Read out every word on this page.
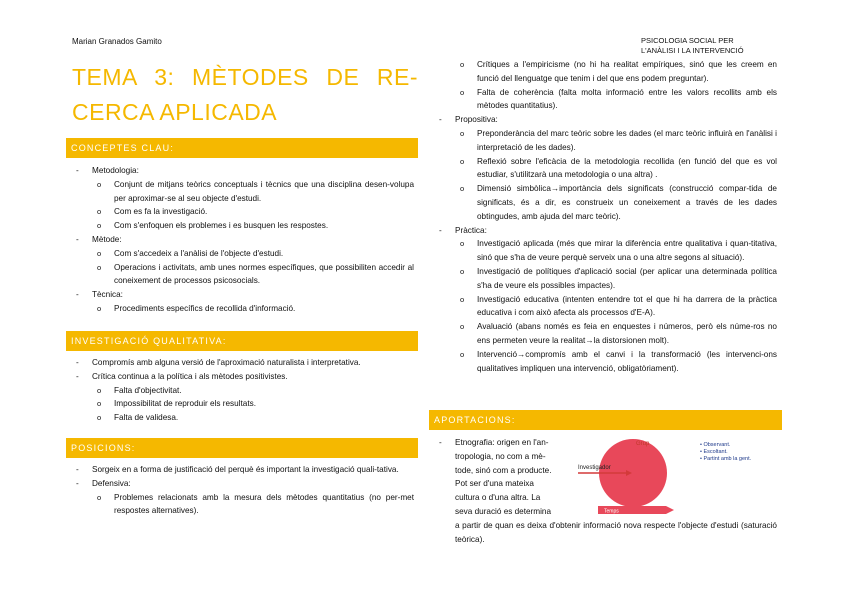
Marian Granados Gamito	PSICOLOGIA SOCIAL PER
L'ANÀLISI I LA INTERVENCIÓ
TEMA 3: MÈTODES DE RE-CERCA APLICADA
CONCEPTES CLAU:
- Metodologia:
o Conjunt de mitjans teòrics conceptuals i tècnics que una disciplina desen-volupa per aproximar-se al seu objecte d'estudi.
o Com es fa la investigació.
o Com s'enfoquen els problemes i es busquen les respostes.
- Mètode:
o Com s'accedeix a l'anàlisi de l'objecte d'estudi.
o Operacions i activitats, amb unes normes específiques, que possibiliten accedir al coneixement de processos psicosocials.
- Tècnica:
o Procediments específics de recollida d'informació.
INVESTIGACIÓ QUALITATIVA:
- Compromís amb alguna versió de l'aproximació naturalista i interpretativa.
- Crítica continua a la política i als mètodes positivistes.
o Falta d'objectivitat.
o Impossibilitat de reproduir els resultats.
o Falta de validesa.
POSICIONS:
- Sorgeix en a forma de justificació del perquè és important la investigació quali-tativa.
- Defensiva:
o Problemes relacionats amb la mesura dels mètodes quantitatius (no per-met respostes alternatives).
o Crítiques a l'empiricisme (no hi ha realitat empíriques, sinó que les creem en funció del llenguatge que tenim i del que ens podem preguntar).
o Falta de coherència (falta molta informació entre les valors recollits amb els mètodes quantitatius).
- Propositiva:
o Preponderància del marc teòric sobre les dades (el marc teòric influirà en l'anàlisi i interpretació de les dades).
o Reflexió sobre l'eficàcia de la metodologia recollida (en funció del que es vol estudiar, s'utilitzarà una metodologia o una altra) .
o Dimensió simbòlica→importància dels significats (construcció compar-tida de significats, és a dir, es construeix un coneixement a través de les dades obtingudes, amb ajuda del marc teòric).
- Pràctica:
o Investigació aplicada (més que mirar la diferència entre qualitativa i quan-titativa, sinó que s'ha de veure perquè serveix una o una altre segons al situació).
o Investigació de polítiques d'aplicació social (per aplicar una determinada política s'ha de veure els possibles impactes).
o Investigació educativa (intenten entendre tot el que hi ha darrera de la pràctica educativa i com això afecta als processos d'E-A).
o Avaluació (abans només es feia en enquestes i números, però els núme-ros no ens permeten veure la realitat→la distorsionen molt).
o Intervenció→compromís amb el canvi i la transformació (les intervenci-ons qualitatives impliquen una intervenció, obligatòriament).
APORTACIONS:
- Etnografia: origen en l'an-
tropologia, no com a mè-
tode, sinó com a producte.
Pot ser d'una mateixa
cultura o d'una altra. La
seva duració es determina
a partir de quan es deixa d'obtenir informació nova respecte l'objecte d'estudi (saturació teòrica).
Grup
Investigador
Temps
• Observant.
• Escoltant.
• Partint amb la gent.
